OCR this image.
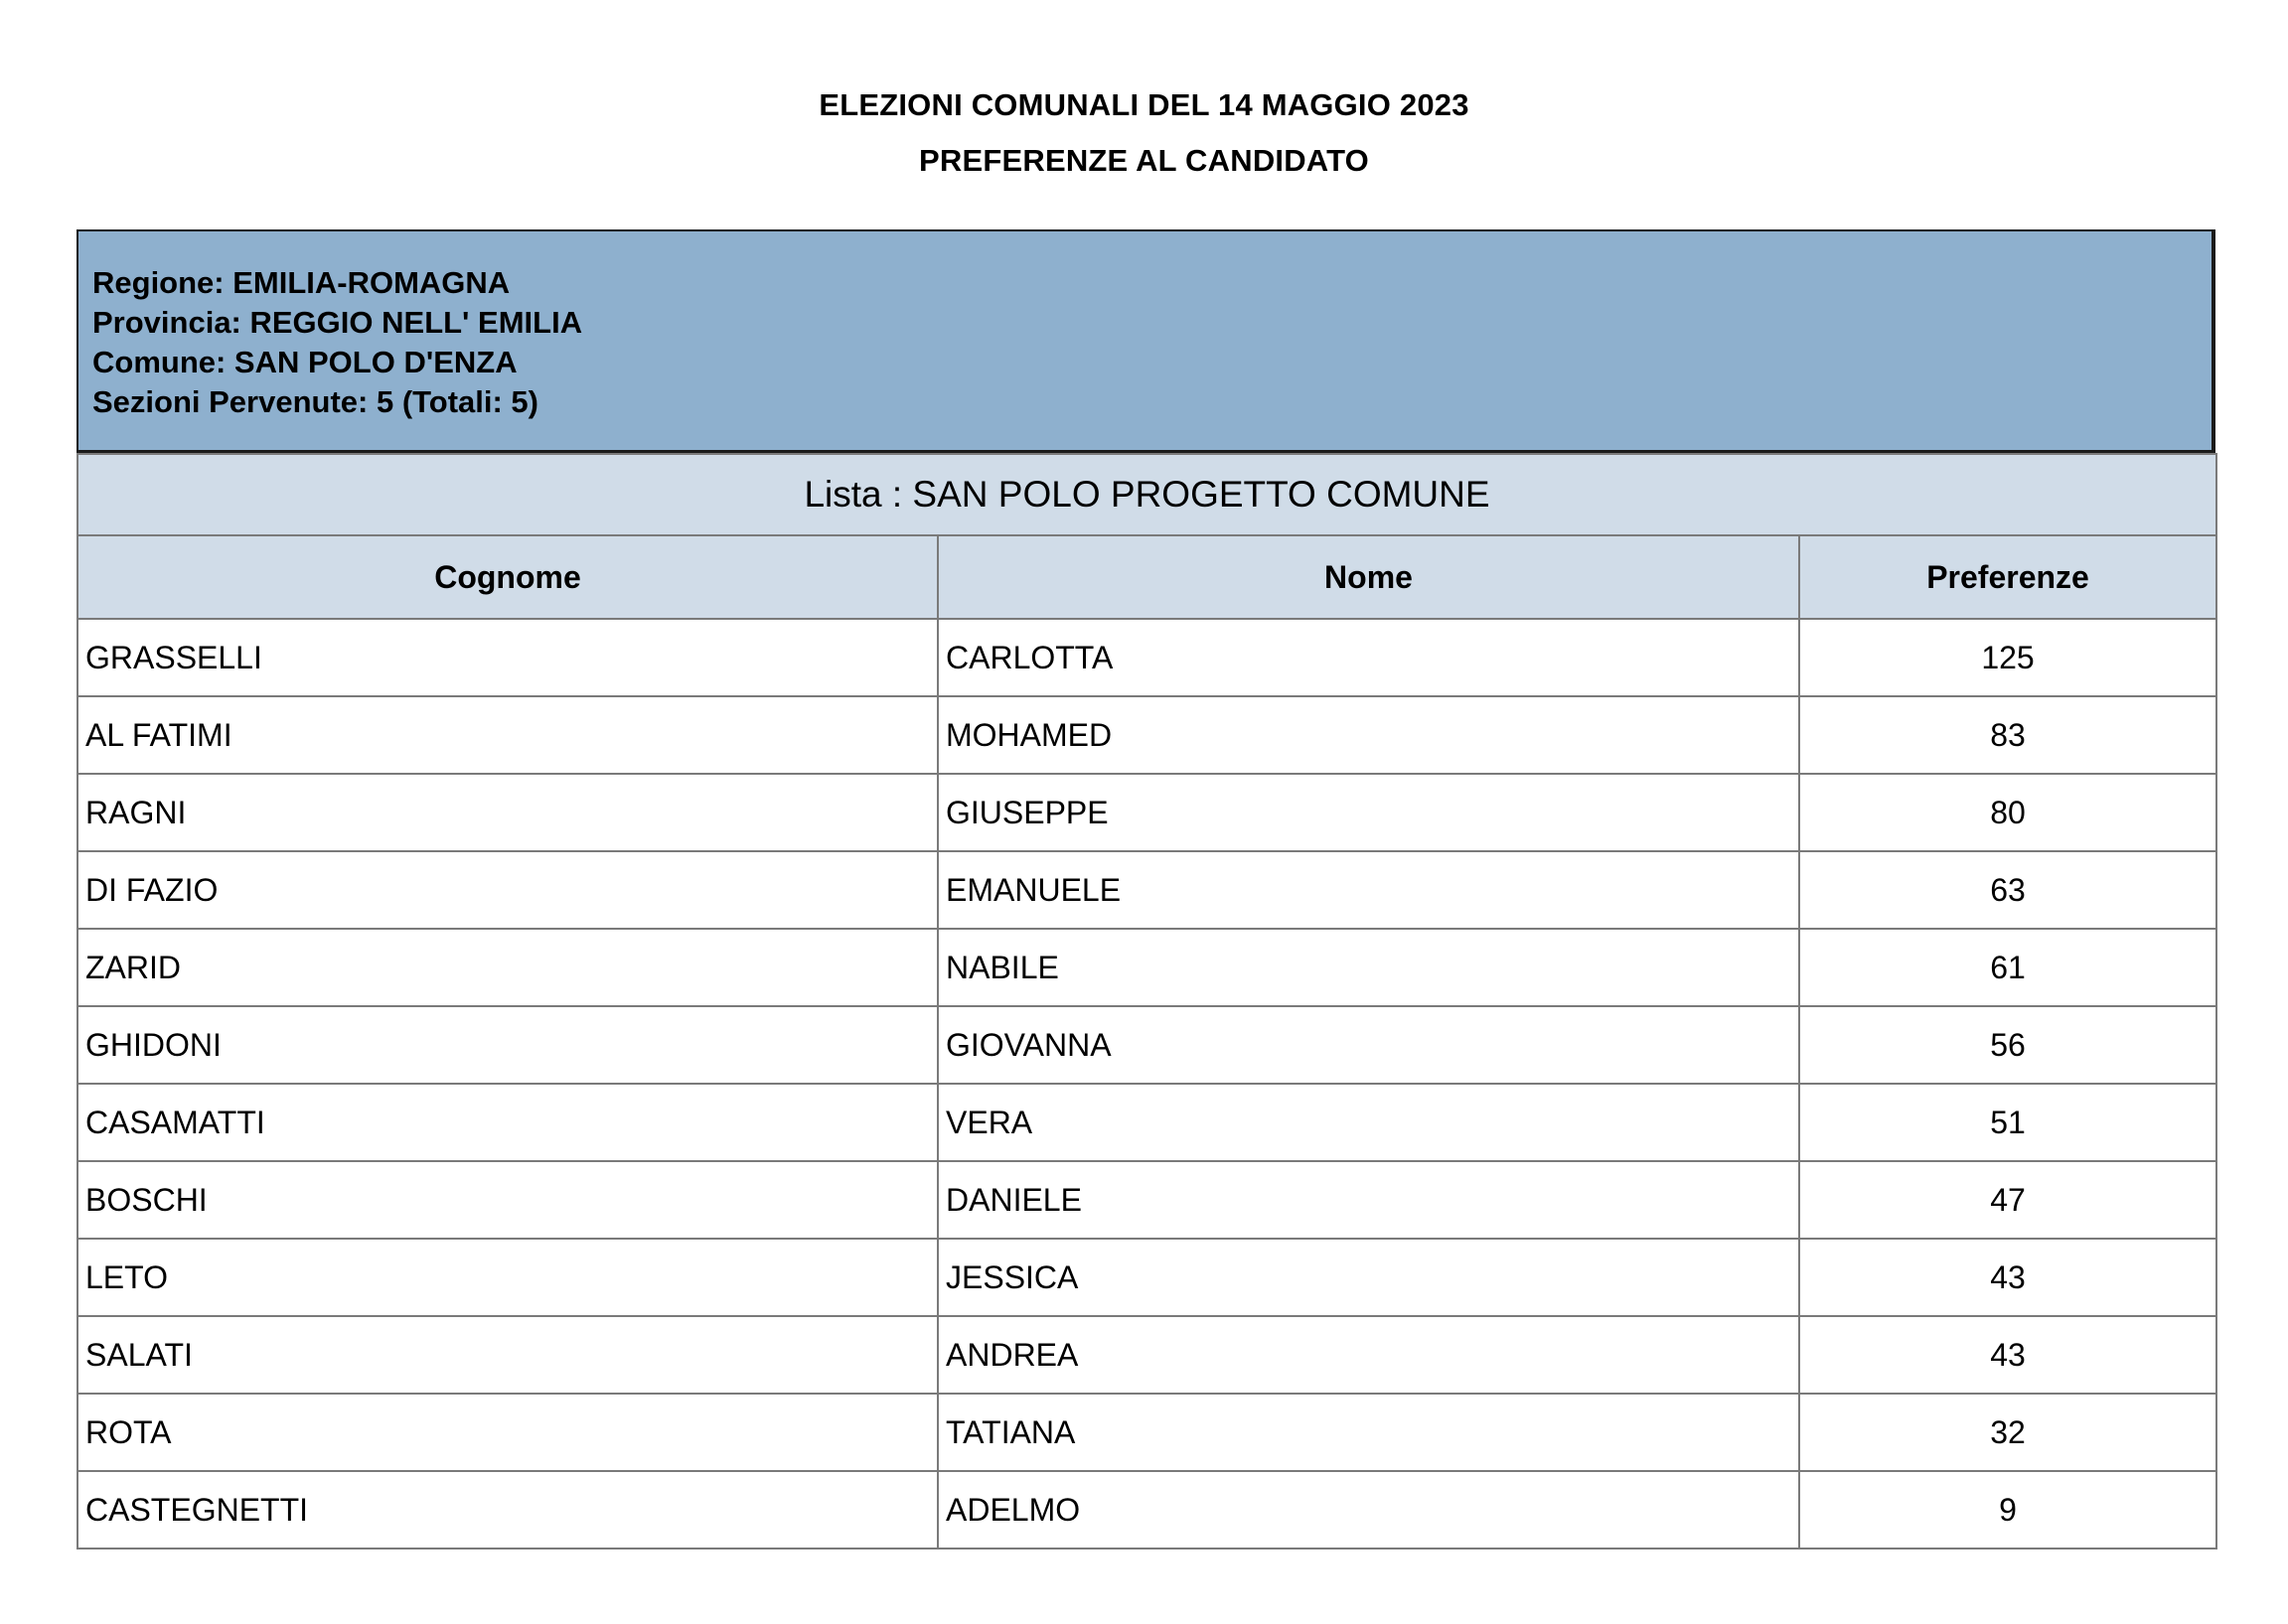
ELEZIONI COMUNALI DEL 14 MAGGIO 2023
PREFERENZE AL CANDIDATO
Regione: EMILIA-ROMAGNA
Provincia: REGGIO NELL' EMILIA
Comune: SAN POLO D'ENZA
Sezioni Pervenute: 5 (Totali: 5)
Lista : SAN POLO PROGETTO COMUNE		
Cognome	Nome	Preferenze
GRASSELLI	CARLOTTA	125
AL FATIMI	MOHAMED	83
RAGNI	GIUSEPPE	80
DI FAZIO	EMANUELE	63
ZARID	NABILE	61
GHIDONI	GIOVANNA	56
CASAMATTI	VERA	51
BOSCHI	DANIELE	47
LETO	JESSICA	43
SALATI	ANDREA	43
ROTA	TATIANA	32
CASTEGNETTI	ADELMO	9
